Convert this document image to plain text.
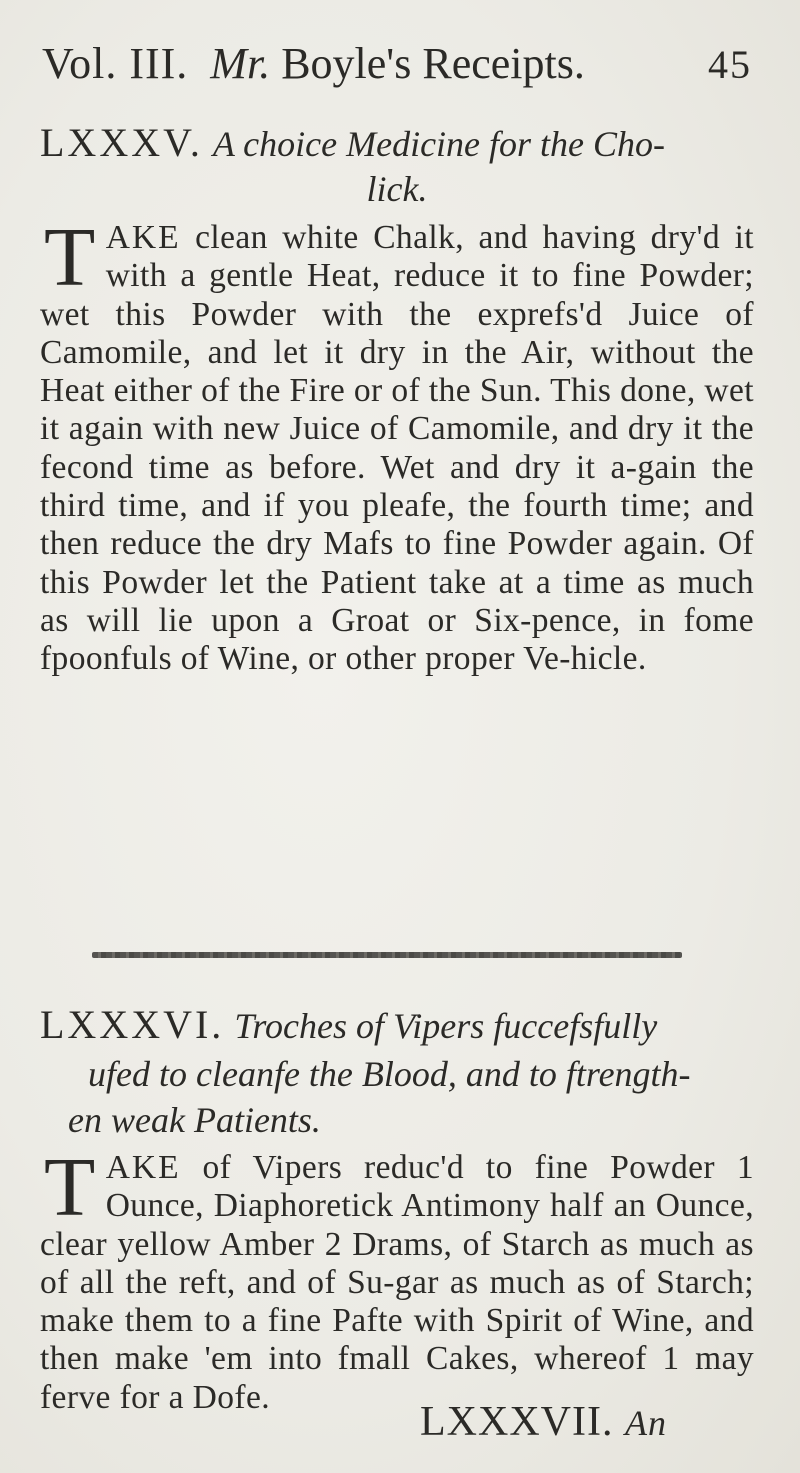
Vol. III. Mr. Boyle's Receipts.	45
LXXXV. A choice Medicine for the Cho-
lick.
T AKE clean white Chalk, and having dry'd it with a gentle Heat, reduce it to fine Powder; wet this Powder with the exprefs'd Juice of Camomile, and let it dry in the Air, without the Heat either of the Fire or of the Sun. This done, wet it again with new Juice of Camomile, and dry it the fecond time as before. Wet and dry it a-gain the third time, and if you pleafe, the fourth time; and then reduce the dry Mafs to fine Powder again. Of this Powder let the Patient take at a time as much as will lie upon a Groat or Six-pence, in fome fpoonfuls of Wine, or other proper Ve-hicle.
LXXXVI. Troches of Vipers fuccefsfully
ufed to cleanfe the Blood, and to ftrength-
en weak Patients.
T AKE of Vipers reduc'd to fine Powder 1 Ounce, Diaphoretick Antimony half an Ounce, clear yellow Amber 2 Drams, of Starch as much as of all the reft, and of Su-gar as much as of Starch; make them to a fine Pafte with Spirit of Wine, and then make 'em into fmall Cakes, whereof 1 may ferve for a Dofe.
LXXXVII. An
